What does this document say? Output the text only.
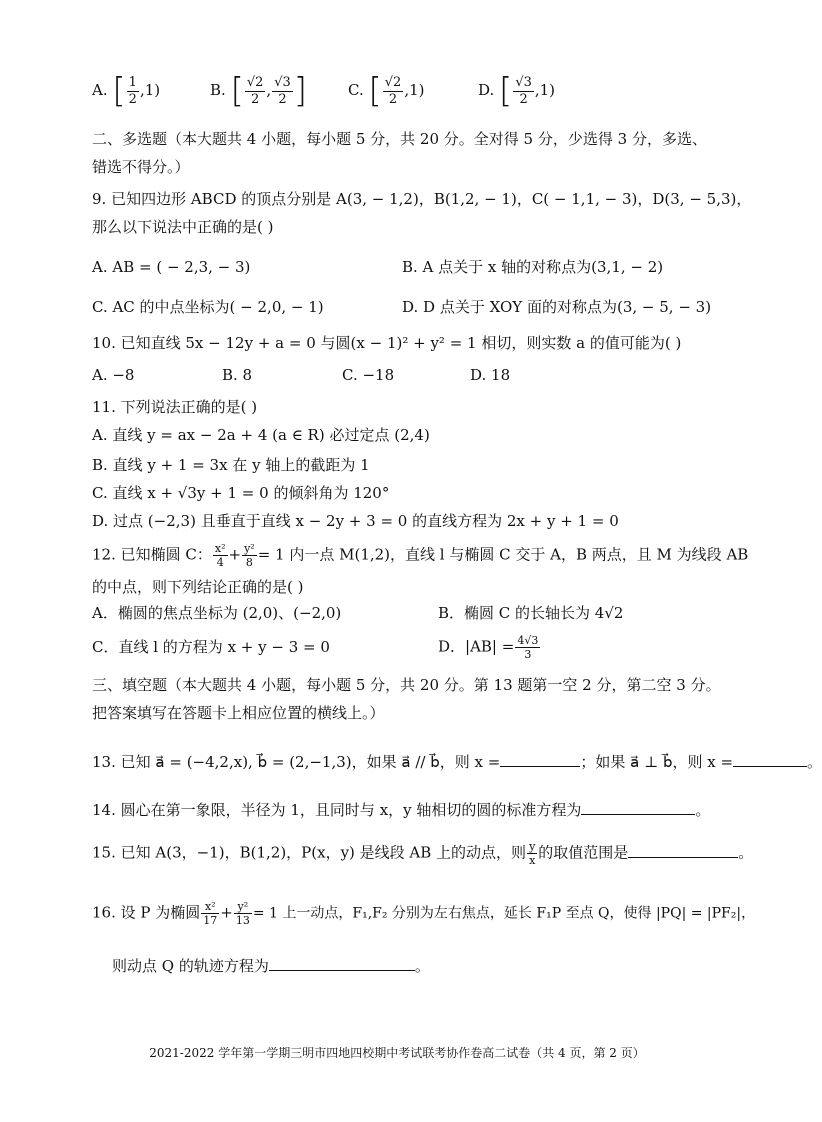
A. [ $\frac{1}{2} ,1$)	B. [ $\frac{√2}{2}$ , $\frac{√3}{2}$ ]	C. [ $\frac{√2}{2} ,1$)	D. [ $\frac{√3}{2} ,1$)
二、多选题（本大题共 4 小题，每小题 5 分，共 20 分。全对得 5 分，少选得 3 分，多选、
错选不得分。）
9. 已知四边形 ABCD 的顶点分别是 A(3, − 1,2)，B(1,2, − 1)，C( − 1,1, − 3)，D(3, − 5,3)，
那么以下说法中正确的是( )
A. AB = ( − 2,3, − 3)	B. A 点关于 x 轴的对称点为(3,1, − 2)
C. AC 的中点坐标为( − 2,0, − 1)	D. D 点关于 XOY 面的对称点为(3, − 5, − 3)
10. 已知直线 5x − 12y + a = 0 与圆(x − 1)² + y² = 1 相切，则实数 a 的值可能为( )
A. −8	B. 8	C. −18	D. 18
11. 下列说法正确的是( )
A. 直线 y = ax − 2a + 4 (a ∈ R) 必过定点 (2,4)
B. 直线 y + 1 = 3x 在 y 轴上的截距为 1
C. 直线 x + √3y + 1 = 0 的倾斜角为 120°
D. 过点 (−2,3) 且垂直于直线 x − 2y + 3 = 0 的直线方程为 2x + y + 1 = 0
12. 已知椭圆 C： $\frac{\text{x²}}{4} + \frac{\text{y²}}{8} = 1$ 内一点 M(1,2)，直线 l 与椭圆 C 交于 A，B 两点，且 M 为线段 AB
的中点，则下列结论正确的是( )
A．椭圆的焦点坐标为 (2,0)、(−2,0)	B．椭圆 C 的长轴长为 4√2
C．直线 l 的方程为 x + y − 3 = 0	D．$|AB| = \frac{4√3}{3}$
三、填空题（本大题共 4 小题，每小题 5 分，共 20 分。第 13 题第一空 2 分，第二空 3 分。
把答案填写在答题卡上相应位置的横线上。）
13. 已知 a⃗ = (−4,2,x), b⃗ = (2,−1,3)，如果 a⃗ // b⃗，则 x =	；如果 a⃗ ⊥ b⃗，则 x =	。
14. 圆心在第一象限，半径为 1，且同时与 x，y 轴相切的圆的标准方程为	。
15. 已知 A(3，−1)，B(1,2)，P(x，y) 是线段 AB 上的动点，则 $\frac{y}{x}$ 的取值范围是	。
16. 设 P 为椭圆 $\frac{\text{x²}}{17} + \frac{\text{y²}}{13} = 1$ 上一动点，F₁,F₂ 分别为左右焦点，延长 F₁P 至点 Q，使得 |PQ| = |PF₂|，
则动点 Q 的轨迹方程为	。
2021-2022 学年第一学期三明市四地四校期中考试联考协作卷高二试卷（共 4 页，第 2 页）
